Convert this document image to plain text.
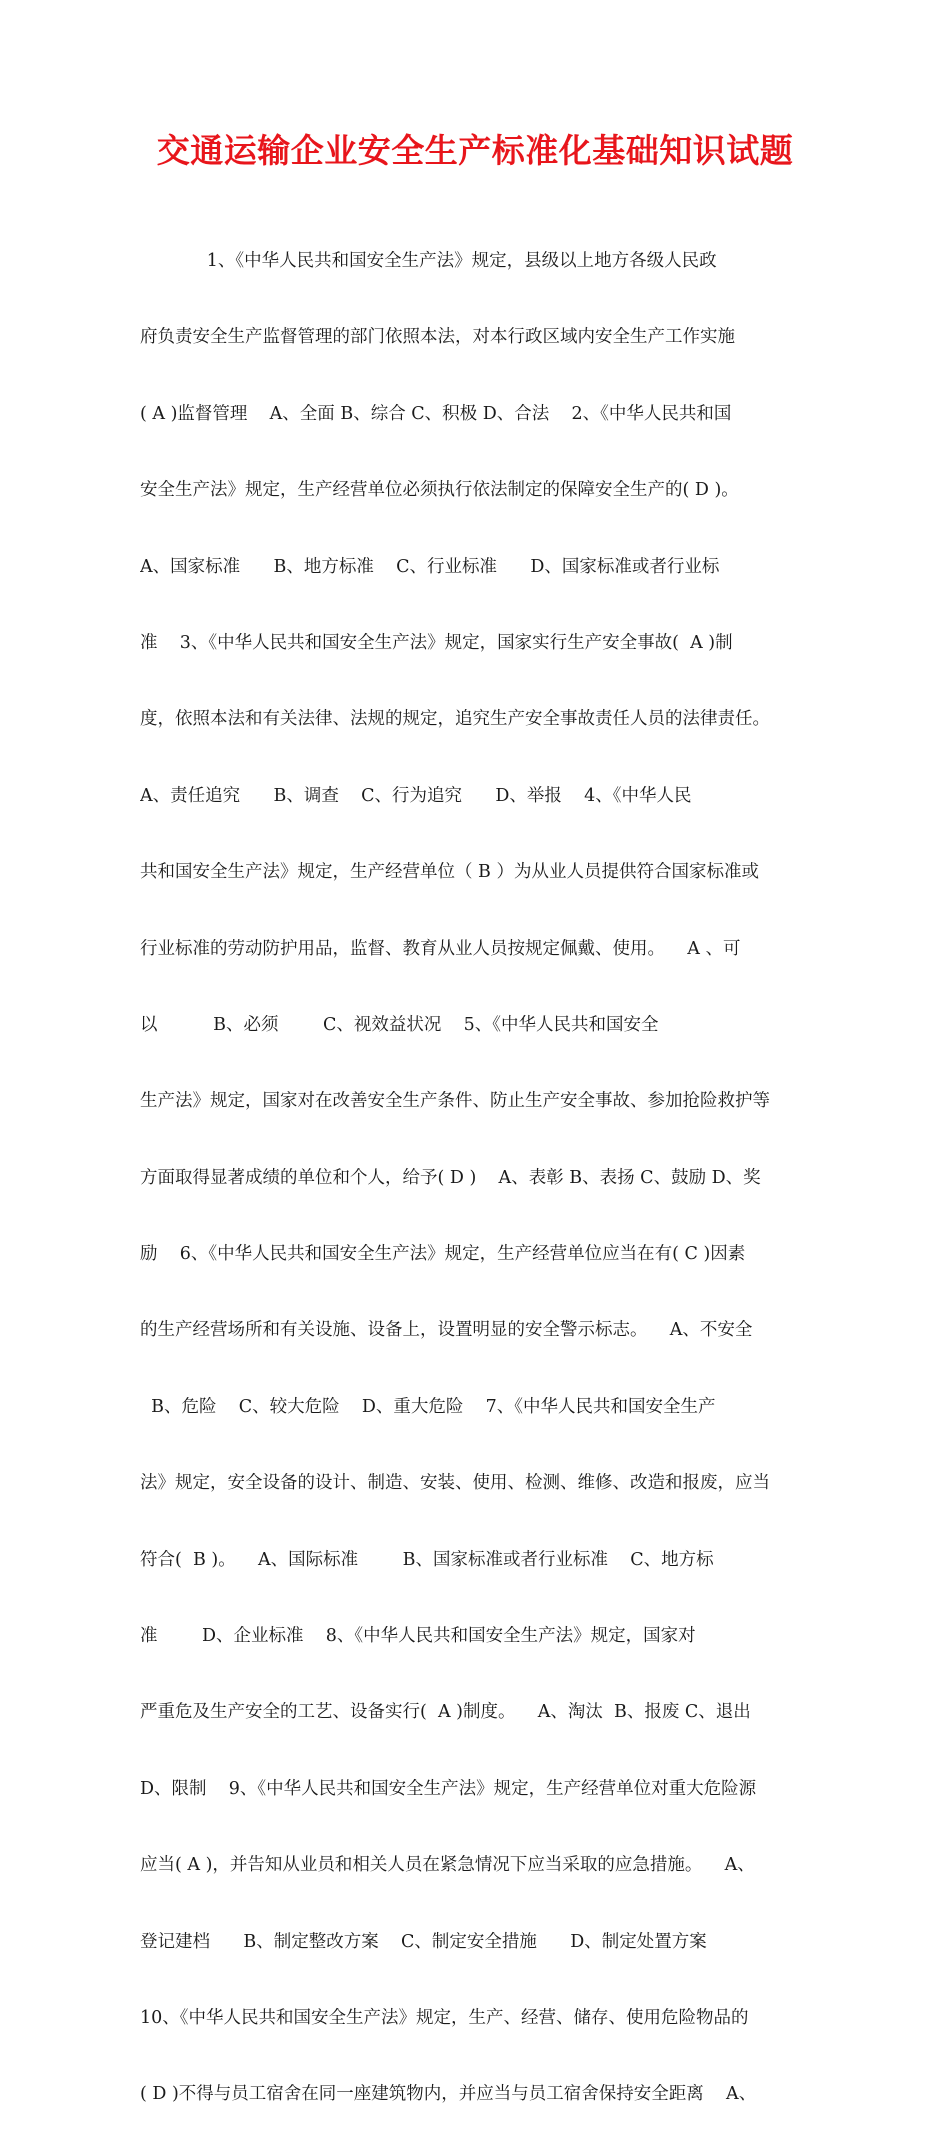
交通运输企业安全生产标准化基础知识试题

1、《中华人民共和国安全生产法》规定，县级以上地方各级人民政

府负责安全生产监督管理的部门依照本法，对本行政区域内安全生产工作实施

( A )监督管理    A、全面 B、综合 C、积极 D、合法    2、《中华人民共和国

安全生产法》规定，生产经营单位必须执行依法制定的保障安全生产的( D )。

A、国家标准      B、地方标准    C、行业标准      D、国家标准或者行业标

准    3、《中华人民共和国安全生产法》规定，国家实行生产安全事故(  A )制

度，依照本法和有关法律、法规的规定，追究生产安全事故责任人员的法律责任。

A、责任追究      B、调查    C、行为追究      D、举报    4、《中华人民

共和国安全生产法》规定，生产经营单位（ B ）为从业人员提供符合国家标准或

行业标准的劳动防护用品，监督、教育从业人员按规定佩戴、使用。    A 、可

以          B、必须        C、视效益状况    5、《中华人民共和国安全

生产法》规定，国家对在改善安全生产条件、防止生产安全事故、参加抢险救护等

方面取得显著成绩的单位和个人，给予( D )    A、表彰 B、表扬 C、鼓励 D、奖

励    6、《中华人民共和国安全生产法》规定，生产经营单位应当在有( C )因素

的生产经营场所和有关设施、设备上，设置明显的安全警示标志。    A、不安全

B、危险    C、较大危险    D、重大危险    7、《中华人民共和国安全生产

法》规定，安全设备的设计、制造、安装、使用、检测、维修、改造和报废，应当

符合(  B )。    A、国际标准        B、国家标准或者行业标准    C、地方标

准        D、企业标准    8、《中华人民共和国安全生产法》规定，国家对

严重危及生产安全的工艺、设备实行(  A )制度。    A、淘汰  B、报废 C、退出

D、限制    9、《中华人民共和国安全生产法》规定，生产经营单位对重大危险源

应当( A )，并告知从业员和相关人员在紧急情况下应当采取的应急措施。    A、

登记建档      B、制定整改方案    C、制定安全措施      D、制定处置方案

10、《中华人民共和国安全生产法》规定，生产、经营、储存、使用危险物品的

( D )不得与员工宿舍在同一座建筑物内，并应当与员工宿舍保持安全距离    A、
